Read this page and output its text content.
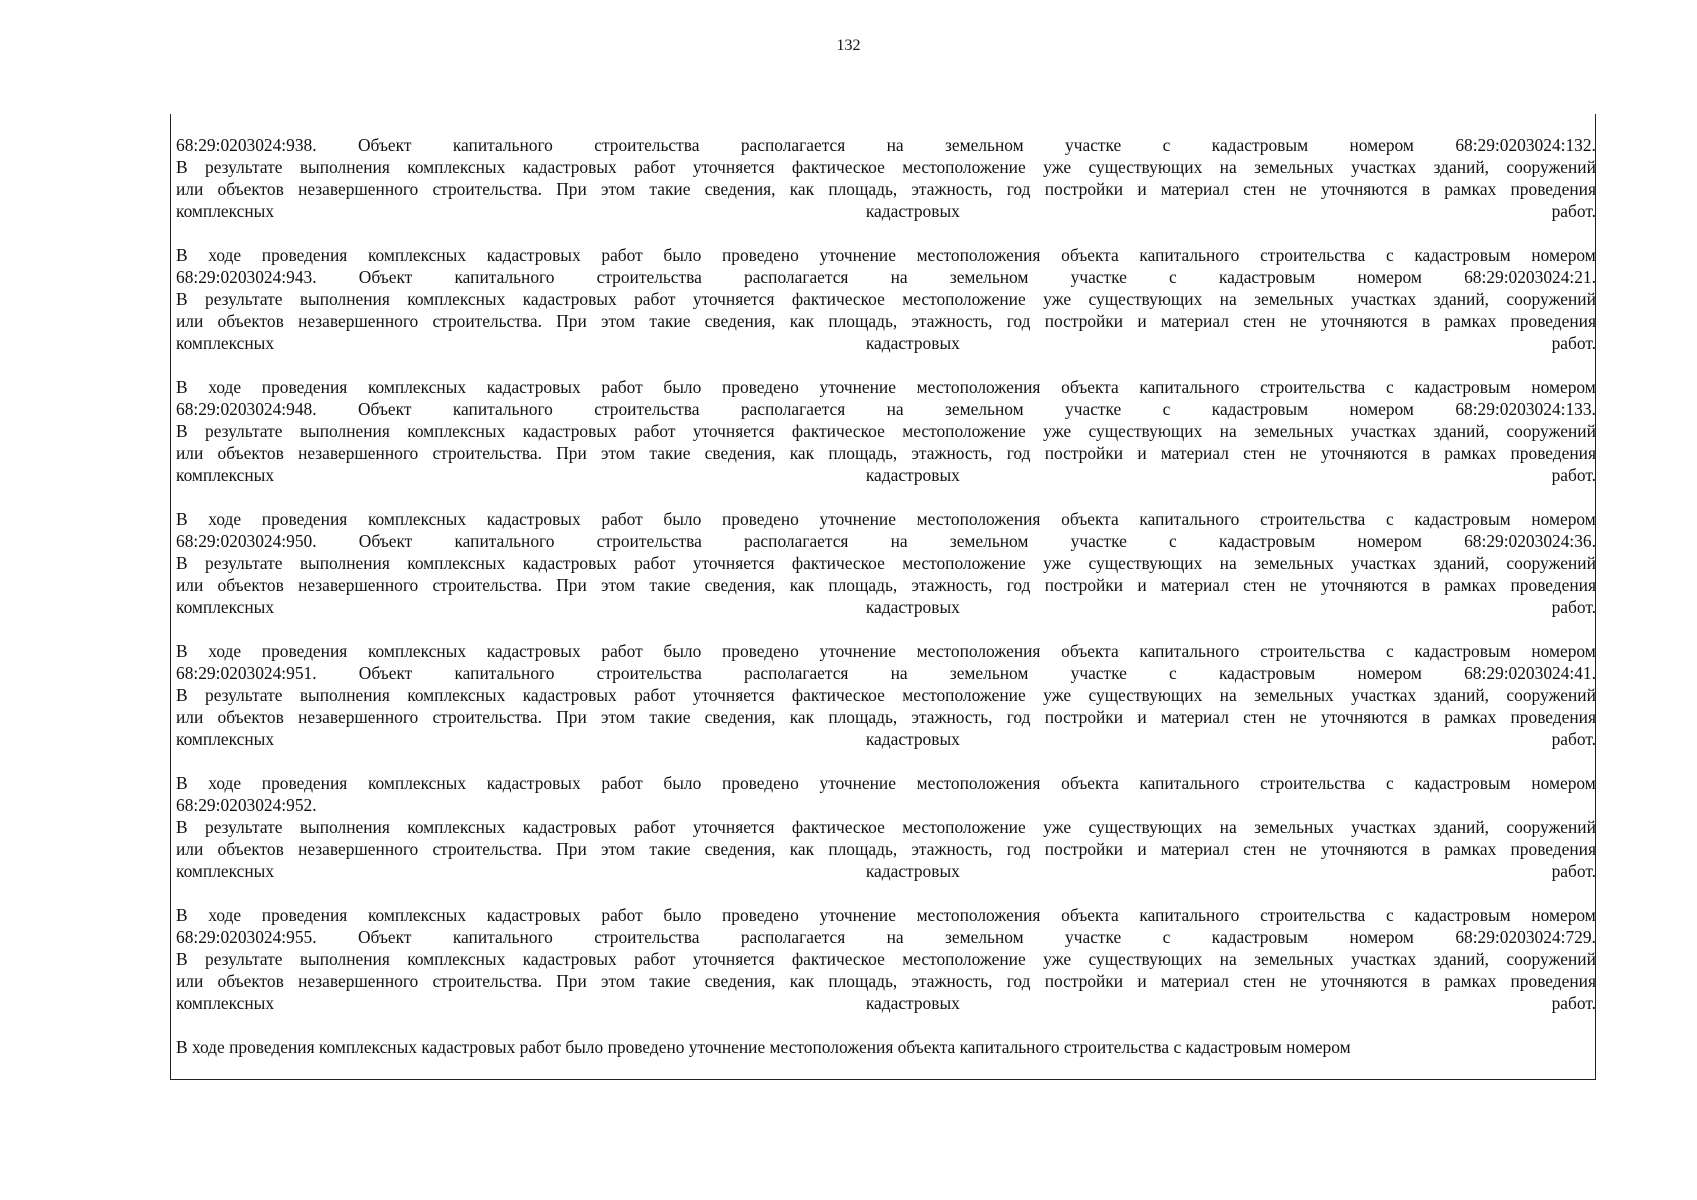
132
68:29:0203024:938. Объект капитального строительства располагается на земельном участке с кадастровым номером 68:29:0203024:132.
В результате выполнения комплексных кадастровых работ уточняется фактическое местоположение уже существующих на земельных участках зданий, сооружений
или объектов незавершенного строительства. При этом такие сведения, как площадь, этажность, год постройки и материал стен не уточняются в рамках проведения
комплексных	кадастровых	работ.
В ходе проведения комплексных кадастровых работ было проведено уточнение местоположения объекта капитального строительства с кадастровым номером
68:29:0203024:943. Объект капитального строительства располагается на земельном участке с кадастровым номером 68:29:0203024:21.
В результате выполнения комплексных кадастровых работ уточняется фактическое местоположение уже существующих на земельных участках зданий, сооружений
или объектов незавершенного строительства. При этом такие сведения, как площадь, этажность, год постройки и материал стен не уточняются в рамках проведения
комплексных	кадастровых	работ.
В ходе проведения комплексных кадастровых работ было проведено уточнение местоположения объекта капитального строительства с кадастровым номером
68:29:0203024:948. Объект капитального строительства располагается на земельном участке с кадастровым номером 68:29:0203024:133.
В результате выполнения комплексных кадастровых работ уточняется фактическое местоположение уже существующих на земельных участках зданий, сооружений
или объектов незавершенного строительства. При этом такие сведения, как площадь, этажность, год постройки и материал стен не уточняются в рамках проведения
комплексных	кадастровых	работ.
В ходе проведения комплексных кадастровых работ было проведено уточнение местоположения объекта капитального строительства с кадастровым номером
68:29:0203024:950. Объект капитального строительства располагается на земельном участке с кадастровым номером 68:29:0203024:36.
В результате выполнения комплексных кадастровых работ уточняется фактическое местоположение уже существующих на земельных участках зданий, сооружений
или объектов незавершенного строительства. При этом такие сведения, как площадь, этажность, год постройки и материал стен не уточняются в рамках проведения
комплексных	кадастровых	работ.
В ходе проведения комплексных кадастровых работ было проведено уточнение местоположения объекта капитального строительства с кадастровым номером
68:29:0203024:951. Объект капитального строительства располагается на земельном участке с кадастровым номером 68:29:0203024:41.
В результате выполнения комплексных кадастровых работ уточняется фактическое местоположение уже существующих на земельных участках зданий, сооружений
или объектов незавершенного строительства. При этом такие сведения, как площадь, этажность, год постройки и материал стен не уточняются в рамках проведения
комплексных	кадастровых	работ.
В ходе проведения комплексных кадастровых работ было проведено уточнение местоположения объекта капитального строительства с кадастровым номером
68:29:0203024:952.
В результате выполнения комплексных кадастровых работ уточняется фактическое местоположение уже существующих на земельных участках зданий, сооружений
или объектов незавершенного строительства. При этом такие сведения, как площадь, этажность, год постройки и материал стен не уточняются в рамках проведения
комплексных	кадастровых	работ.
В ходе проведения комплексных кадастровых работ было проведено уточнение местоположения объекта капитального строительства с кадастровым номером
68:29:0203024:955. Объект капитального строительства располагается на земельном участке с кадастровым номером 68:29:0203024:729.
В результате выполнения комплексных кадастровых работ уточняется фактическое местоположение уже существующих на земельных участках зданий, сооружений
или объектов незавершенного строительства. При этом такие сведения, как площадь, этажность, год постройки и материал стен не уточняются в рамках проведения
комплексных	кадастровых	работ.
В ходе проведения комплексных кадастровых работ было проведено уточнение местоположения объекта капитального строительства с кадастровым номером
